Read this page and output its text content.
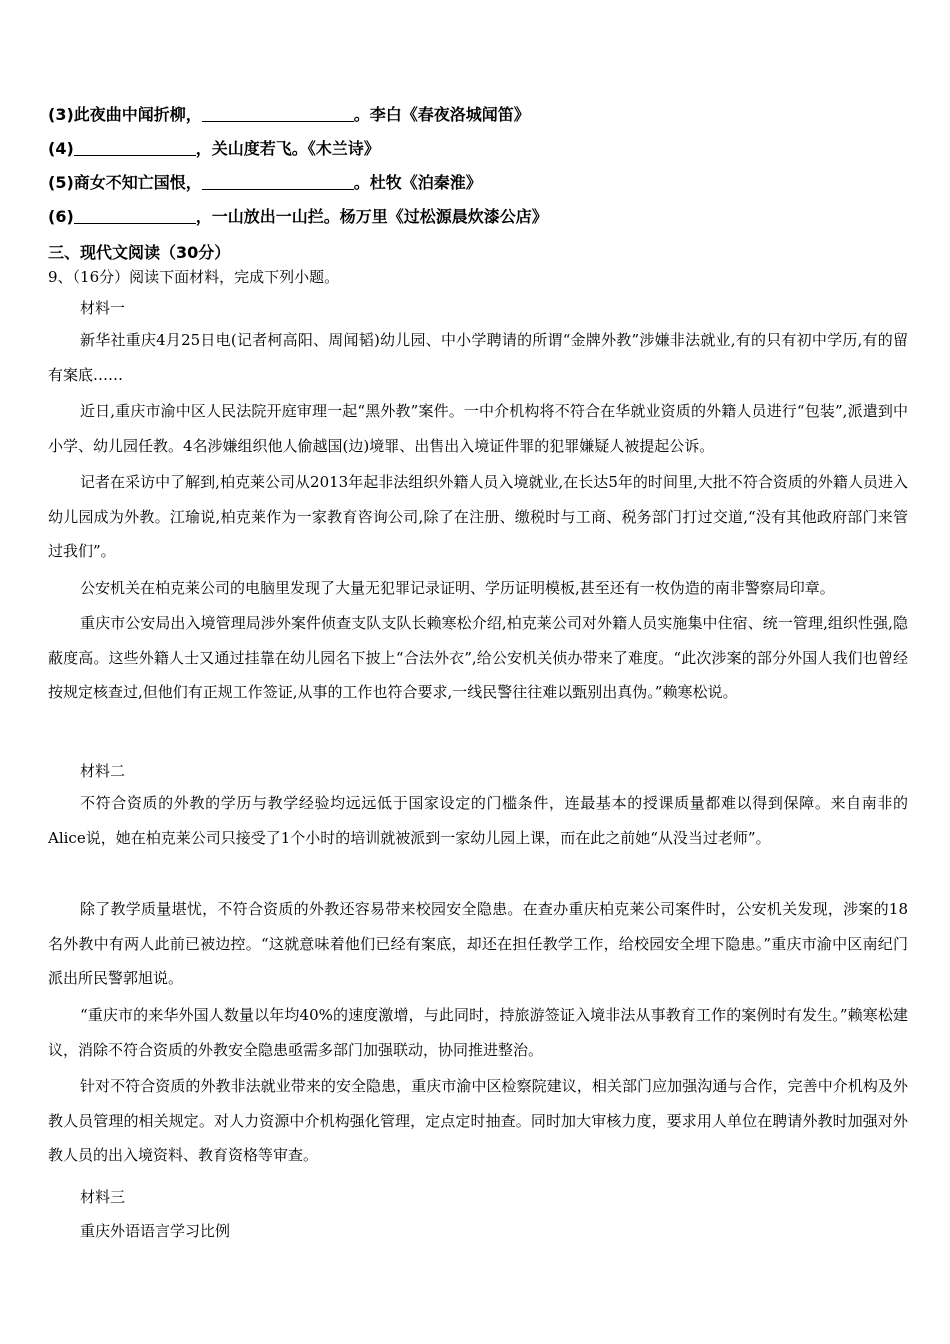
(3)此夜曲中闻折柳，	。李白《春夜洛城闻笛》
(4)	，关山度若飞。《木兰诗》
(5)商女不知亡国恨，	。杜牧《泊秦淮》
(6)	，一山放出一山拦。杨万里《过松源晨炊漆公店》
三、现代文阅读（30分）
9、（16分）阅读下面材料，完成下列小题。
材料一

新华社重庆4月25日电(记者柯高阳、周闻韬)幼儿园、中小学聘请的所谓“金牌外教”涉嫌非法就业,有的只有初中学历,有的留有案底……

近日,重庆市渝中区人民法院开庭审理一起“黑外教”案件。一中介机构将不符合在华就业资质的外籍人员进行“包装”,派遣到中小学、幼儿园任教。4名涉嫌组织他人偷越国(边)境罪、出售出入境证件罪的犯罪嫌疑人被提起公诉。

记者在采访中了解到,柏克莱公司从2013年起非法组织外籍人员入境就业,在长达5年的时间里,大批不符合资质的外籍人员进入幼儿园成为外教。江瑜说,柏克莱作为一家教育咨询公司,除了在注册、缴税时与工商、税务部门打过交道,“没有其他政府部门来管过我们”。

公安机关在柏克莱公司的电脑里发现了大量无犯罪记录证明、学历证明模板,甚至还有一枚伪造的南非警察局印章。

重庆市公安局出入境管理局涉外案件侦查支队支队长赖寒松介绍,柏克莱公司对外籍人员实施集中住宿、统一管理,组织性强,隐蔽度高。这些外籍人士又通过挂靠在幼儿园名下披上“合法外衣”,给公安机关侦办带来了难度。“此次涉案的部分外国人我们也曾经按规定核查过,但他们有正规工作签证,从事的工作也符合要求,一线民警往往难以甄别出真伪。”赖寒松说。

材料二

不符合资质的外教的学历与教学经验均远远低于国家设定的门槛条件，连最基本的授课质量都难以得到保障。来自南非的Alice说，她在柏克莱公司只接受了1个小时的培训就被派到一家幼儿园上课，而在此之前她“从没当过老师”。

除了教学质量堪忧，不符合资质的外教还容易带来校园安全隐患。在查办重庆柏克莱公司案件时，公安机关发现，涉案的18名外教中有两人此前已被边控。“这就意味着他们已经有案底，却还在担任教学工作，给校园安全埋下隐患。”重庆市渝中区南纪门派出所民警郭旭说。

“重庆市的来华外国人数量以年均40%的速度激增，与此同时，持旅游签证入境非法从事教育工作的案例时有发生。”赖寒松建议，消除不符合资质的外教安全隐患亟需多部门加强联动，协同推进整治。

针对不符合资质的外教非法就业带来的安全隐患，重庆市渝中区检察院建议，相关部门应加强沟通与合作，完善中介机构及外教人员管理的相关规定。对人力资源中介机构强化管理，定点定时抽查。同时加大审核力度，要求用人单位在聘请外教时加强对外教人员的出入境资料、教育资格等审查。

材料三
重庆外语语言学习比例
